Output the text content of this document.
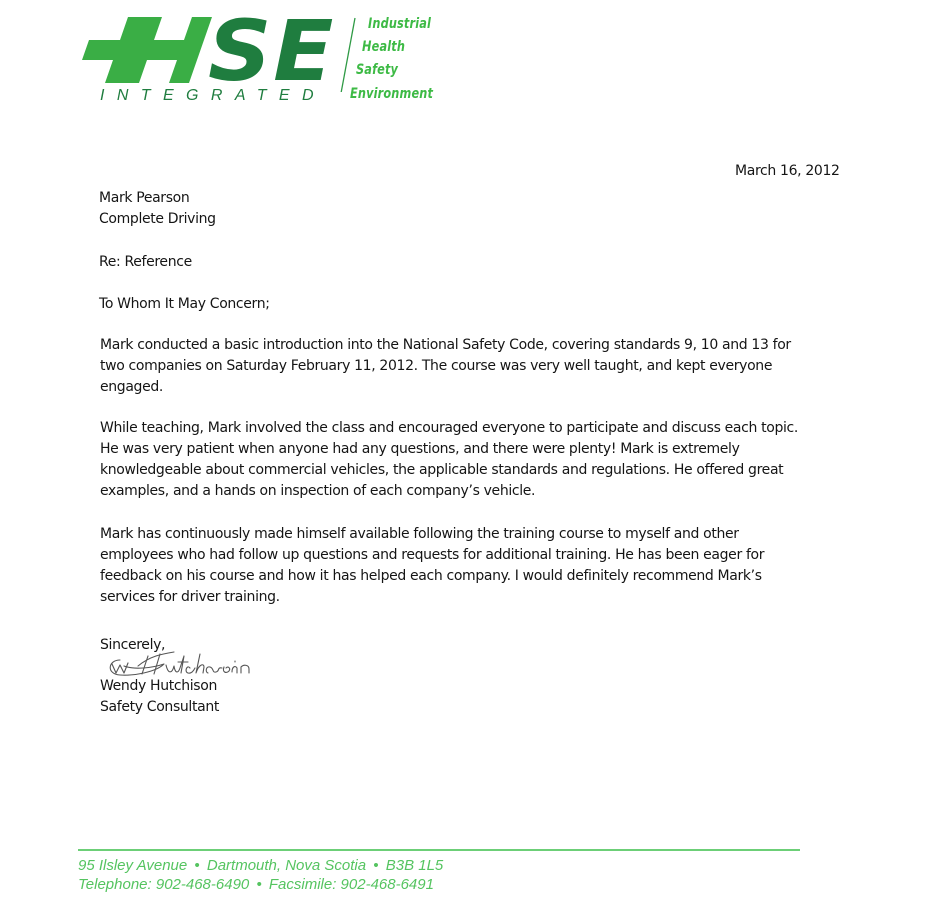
S E
INTEGRATED
Industrial
Health
Safety
Environment
March 16, 2012
Mark Pearson
Complete Driving
Re: Reference
To Whom It May Concern;

Mark conducted a basic introduction into the National Safety Code, covering standards 9, 10 and 13 for
two companies on Saturday February 11, 2012. The course was very well taught, and kept everyone
engaged.

While teaching, Mark involved the class and encouraged everyone to participate and discuss each topic.
He was very patient when anyone had any questions, and there were plenty! Mark is extremely
knowledgeable about commercial vehicles, the applicable standards and regulations. He offered great
examples, and a hands on inspection of each company’s vehicle.

Mark has continuously made himself available following the training course to myself and other
employees who had follow up questions and requests for additional training. He has been eager for
feedback on his course and how it has helped each company. I would definitely recommend Mark’s
services for driver training.

Sincerely,
Wendy Hutchison
Safety Consultant
95 Ilsley Avenue • Dartmouth, Nova Scotia • B3B 1L5
Telephone: 902-468-6490 • Facsimile: 902-468-6491
